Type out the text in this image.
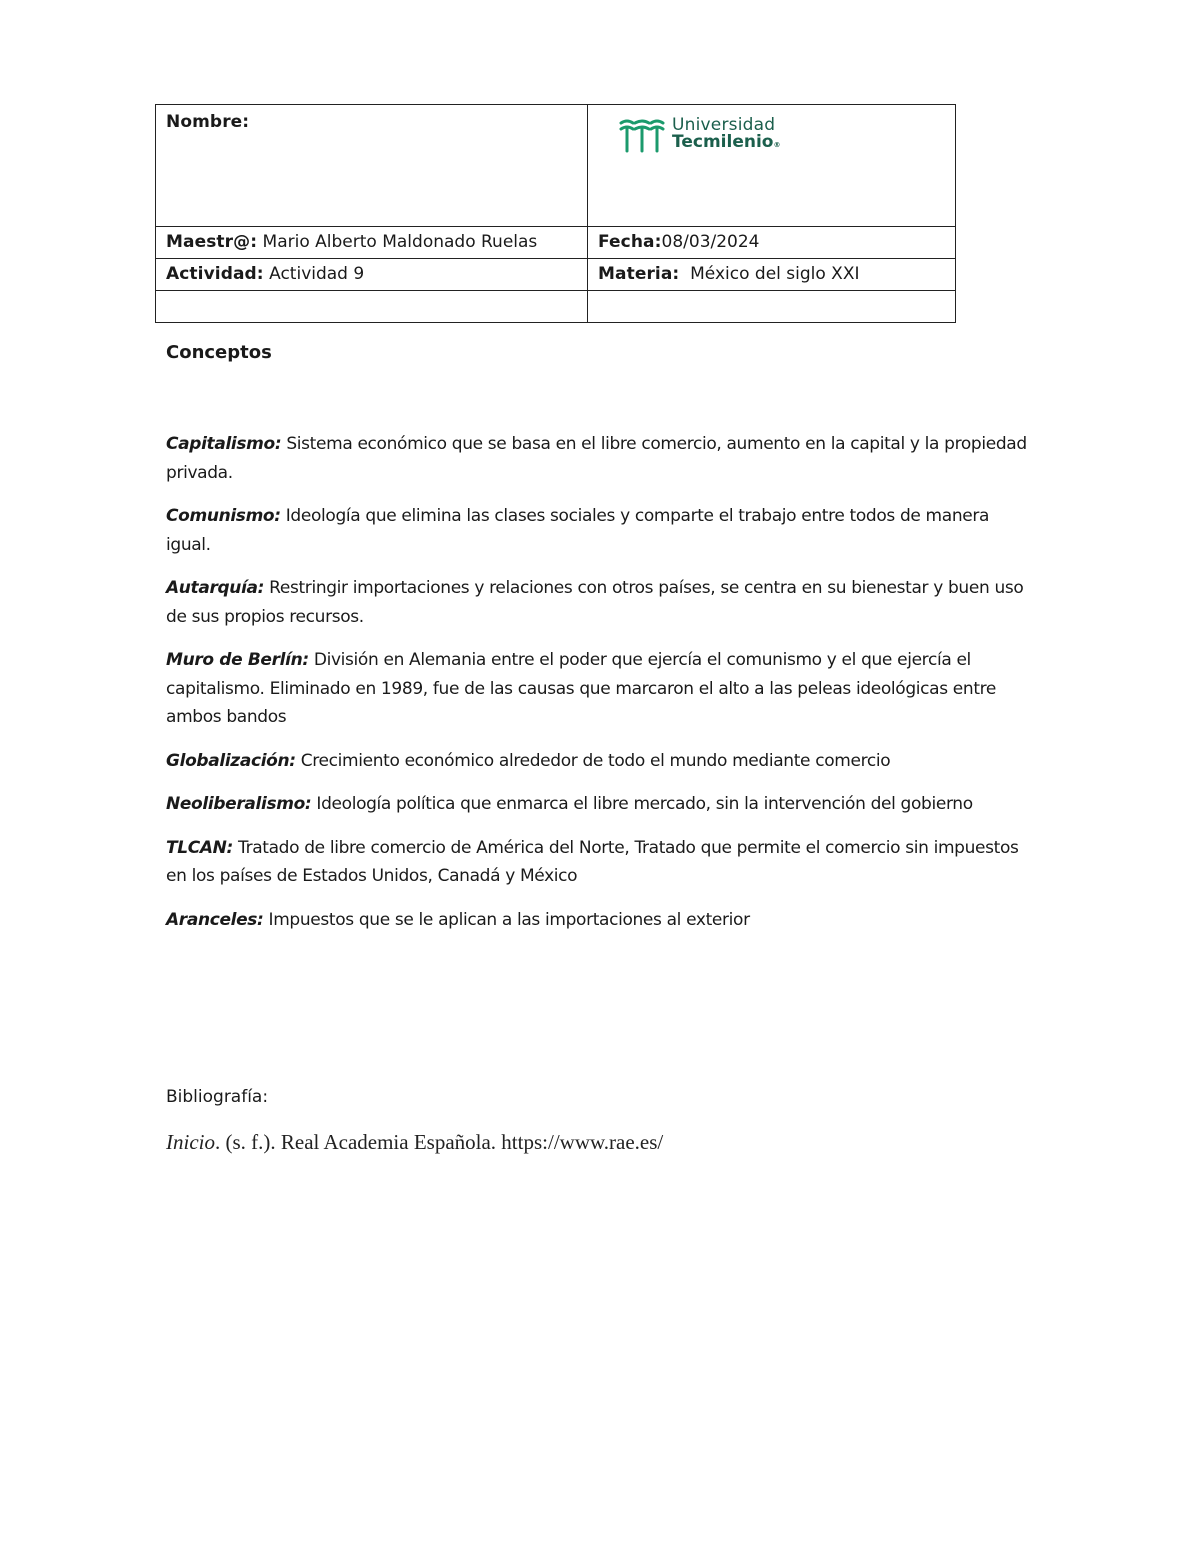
Nombre:	Universidad
Tecmilenio®

Maestr@: Mario Alberto Maldonado Ruelas	Fecha:08/03/2024
Actividad: Actividad 9	Materia:  México del siglo XXI

Conceptos

Capitalismo: Sistema económico que se basa en el libre comercio, aumento en la capital y la propiedad privada.

Comunismo: Ideología que elimina las clases sociales y comparte el trabajo entre todos de manera igual.

Autarquía: Restringir importaciones y relaciones con otros países, se centra en su bienestar y buen uso de sus propios recursos.

Muro de Berlín: División en Alemania entre el poder que ejercía el comunismo y el que ejercía el capitalismo. Eliminado en 1989, fue de las causas que marcaron el alto a las peleas ideológicas entre ambos bandos

Globalización: Crecimiento económico alrededor de todo el mundo mediante comercio

Neoliberalismo: Ideología política que enmarca el libre mercado, sin la intervención del gobierno

TLCAN: Tratado de libre comercio de América del Norte, Tratado que permite el comercio sin impuestos en los países de Estados Unidos, Canadá y México

Aranceles: Impuestos que se le aplican a las importaciones al exterior

Bibliografía:
Inicio. (s. f.). Real Academia Española. https://www.rae.es/
